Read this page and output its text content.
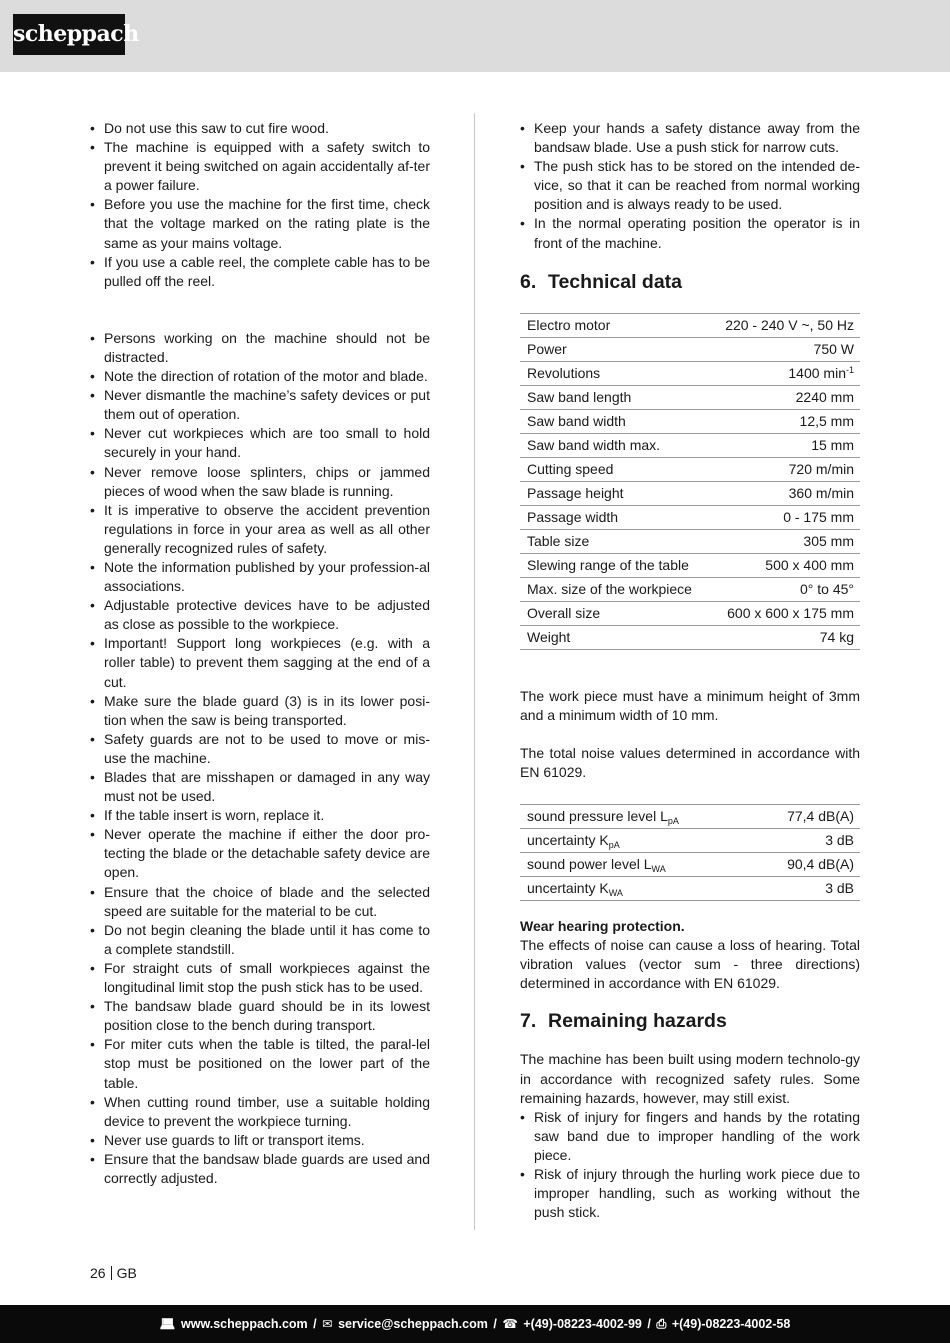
scheppach
• Do not use this saw to cut fire wood.
• The machine is equipped with a safety switch to prevent it being switched on again accidentally af-ter a power failure.
• Before you use the machine for the first time, check that the voltage marked on the rating plate is the same as your mains voltage.
• If you use a cable reel, the complete cable has to be pulled off the reel.
• Persons working on the machine should not be distracted.
• Note the direction of rotation of the motor and blade.
• Never dismantle the machine’s safety devices or put them out of operation.
• Never cut workpieces which are too small to hold securely in your hand.
• Never remove loose splinters, chips or jammed pieces of wood when the saw blade is running.
• It is imperative to observe the accident prevention regulations in force in your area as well as all other generally recognized rules of safety.
• Note the information published by your profession-al associations.
• Adjustable protective devices have to be adjusted as close as possible to the workpiece.
• Important! Support long workpieces (e.g. with a roller table) to prevent them sagging at the end of a cut.
• Make sure the blade guard (3) is in its lower posi-tion when the saw is being transported.
• Safety guards are not to be used to move or mis-use the machine.
• Blades that are misshapen or damaged in any way must not be used.
• If the table insert is worn, replace it.
• Never operate the machine if either the door pro-tecting the blade or the detachable safety device are open.
• Ensure that the choice of blade and the selected speed are suitable for the material to be cut.
• Do not begin cleaning the blade until it has come to a complete standstill.
• For straight cuts of small workpieces against the longitudinal limit stop the push stick has to be used.
• The bandsaw blade guard should be in its lowest position close to the bench during transport.
• For miter cuts when the table is tilted, the paral-lel stop must be positioned on the lower part of the table.
• When cutting round timber, use a suitable holding device to prevent the workpiece turning.
• Never use guards to lift or transport items.
• Ensure that the bandsaw blade guards are used and correctly adjusted.
• Keep your hands a safety distance away from the bandsaw blade. Use a push stick for narrow cuts.
• The push stick has to be stored on the intended de-vice, so that it can be reached from normal working position and is always ready to be used.
• In the normal operating position the operator is in front of the machine.
6. Technical data
Electro motor	220 - 240 V ~, 50 Hz
Power	750 W
Revolutions	1400 $\min^{-1}$
Saw band length	2240 mm
Saw band width	12,5 mm
Saw band width max.	15 mm
Cutting speed	720 m/min
Passage height	360 m/min
Passage width	0 - 175 mm
Table size	305 mm
Slewing range of the table	500 x 400 mm
Max. size of the workpiece	0° to 45°
Overall size	600 x 600 x 175 mm
Weight	74 kg

The work piece must have a minimum height of 3mm and a minimum width of 10 mm.

The total noise values determined in accordance with EN 61029.

sound pressure level $L_{pA}$	77,4 dB(A)
uncertainty $K_{pA}$	3 dB
sound power level $L_{WA}$	90,4 dB(A)
uncertainty $K_{WA}$	3 dB

Wear hearing protection.

The effects of noise can cause a loss of hearing. Total vibration values (vector sum - three directions) determined in accordance with EN 61029.

7. Remaining hazards

The machine has been built using modern technolo-gy in accordance with recognized safety rules. Some remaining hazards, however, may still exist.

• Risk of injury for fingers and hands by the rotating saw band due to improper handling of the work piece.
• Risk of injury through the hurling work piece due to improper handling, such as working without the push stick.
26 GB
💻︎ www.scheppach.com / ✉︎ service@scheppach.com / ☎ +(49)-08223-4002-99 / ⎙ +(49)-08223-4002-58
